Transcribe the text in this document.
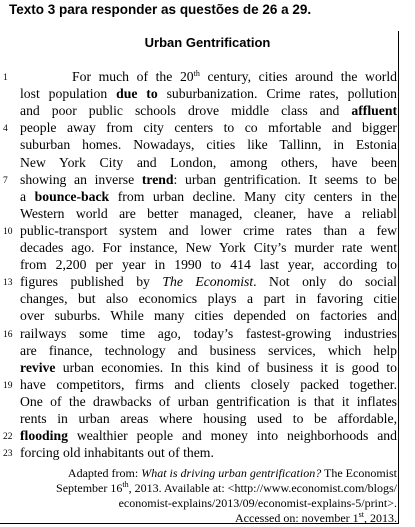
Texto 3 para responder as questões de 26 a 29.
Urban Gentrification

For much of the 20th century, cities around the world

lost population due to suburbanization. Crime rates, pollution

and poor public schools drove middle class and affluent

people away from city centers to co mfortable and bigger

suburban homes. Nowadays, cities like Tallinn, in Estonia

New York City and London, among others, have been

showing an inverse trend: urban gentrification. It seems to be

a bounce-back from urban decline. Many city centers in the

Western world are better managed, cleaner, have a reliabl

public-transport system and lower crime rates than a few

decades ago. For instance, New York City’s murder rate went

from 2,200 per year in 1990 to 414 last year, according to

figures published by The Economist. Not only do social

changes, but also economics plays a part in favoring citie

over suburbs. While many cities depended on factories and

railways some time ago, today’s fastest-growing industries

are finance, technology and business services, which help

revive urban economies. In this kind of business it is good to

have competitors, firms and clients closely packed together.

One of the drawbacks of urban gentrification is that it inflates

rents in urban areas where housing used to be affordable,

flooding wealthier people and money into neighborhoods and

forcing old inhabitants out of them.

1

4

7

10

13

16

19

22

23

Adapted from: What is driving urban gentrification? The Economist

September 16th, 2013. Available at: <http://www.economist.com/blogs/

economist-explains/2013/09/economist-explains-5/print>.

Accessed on: november 1st, 2013.
